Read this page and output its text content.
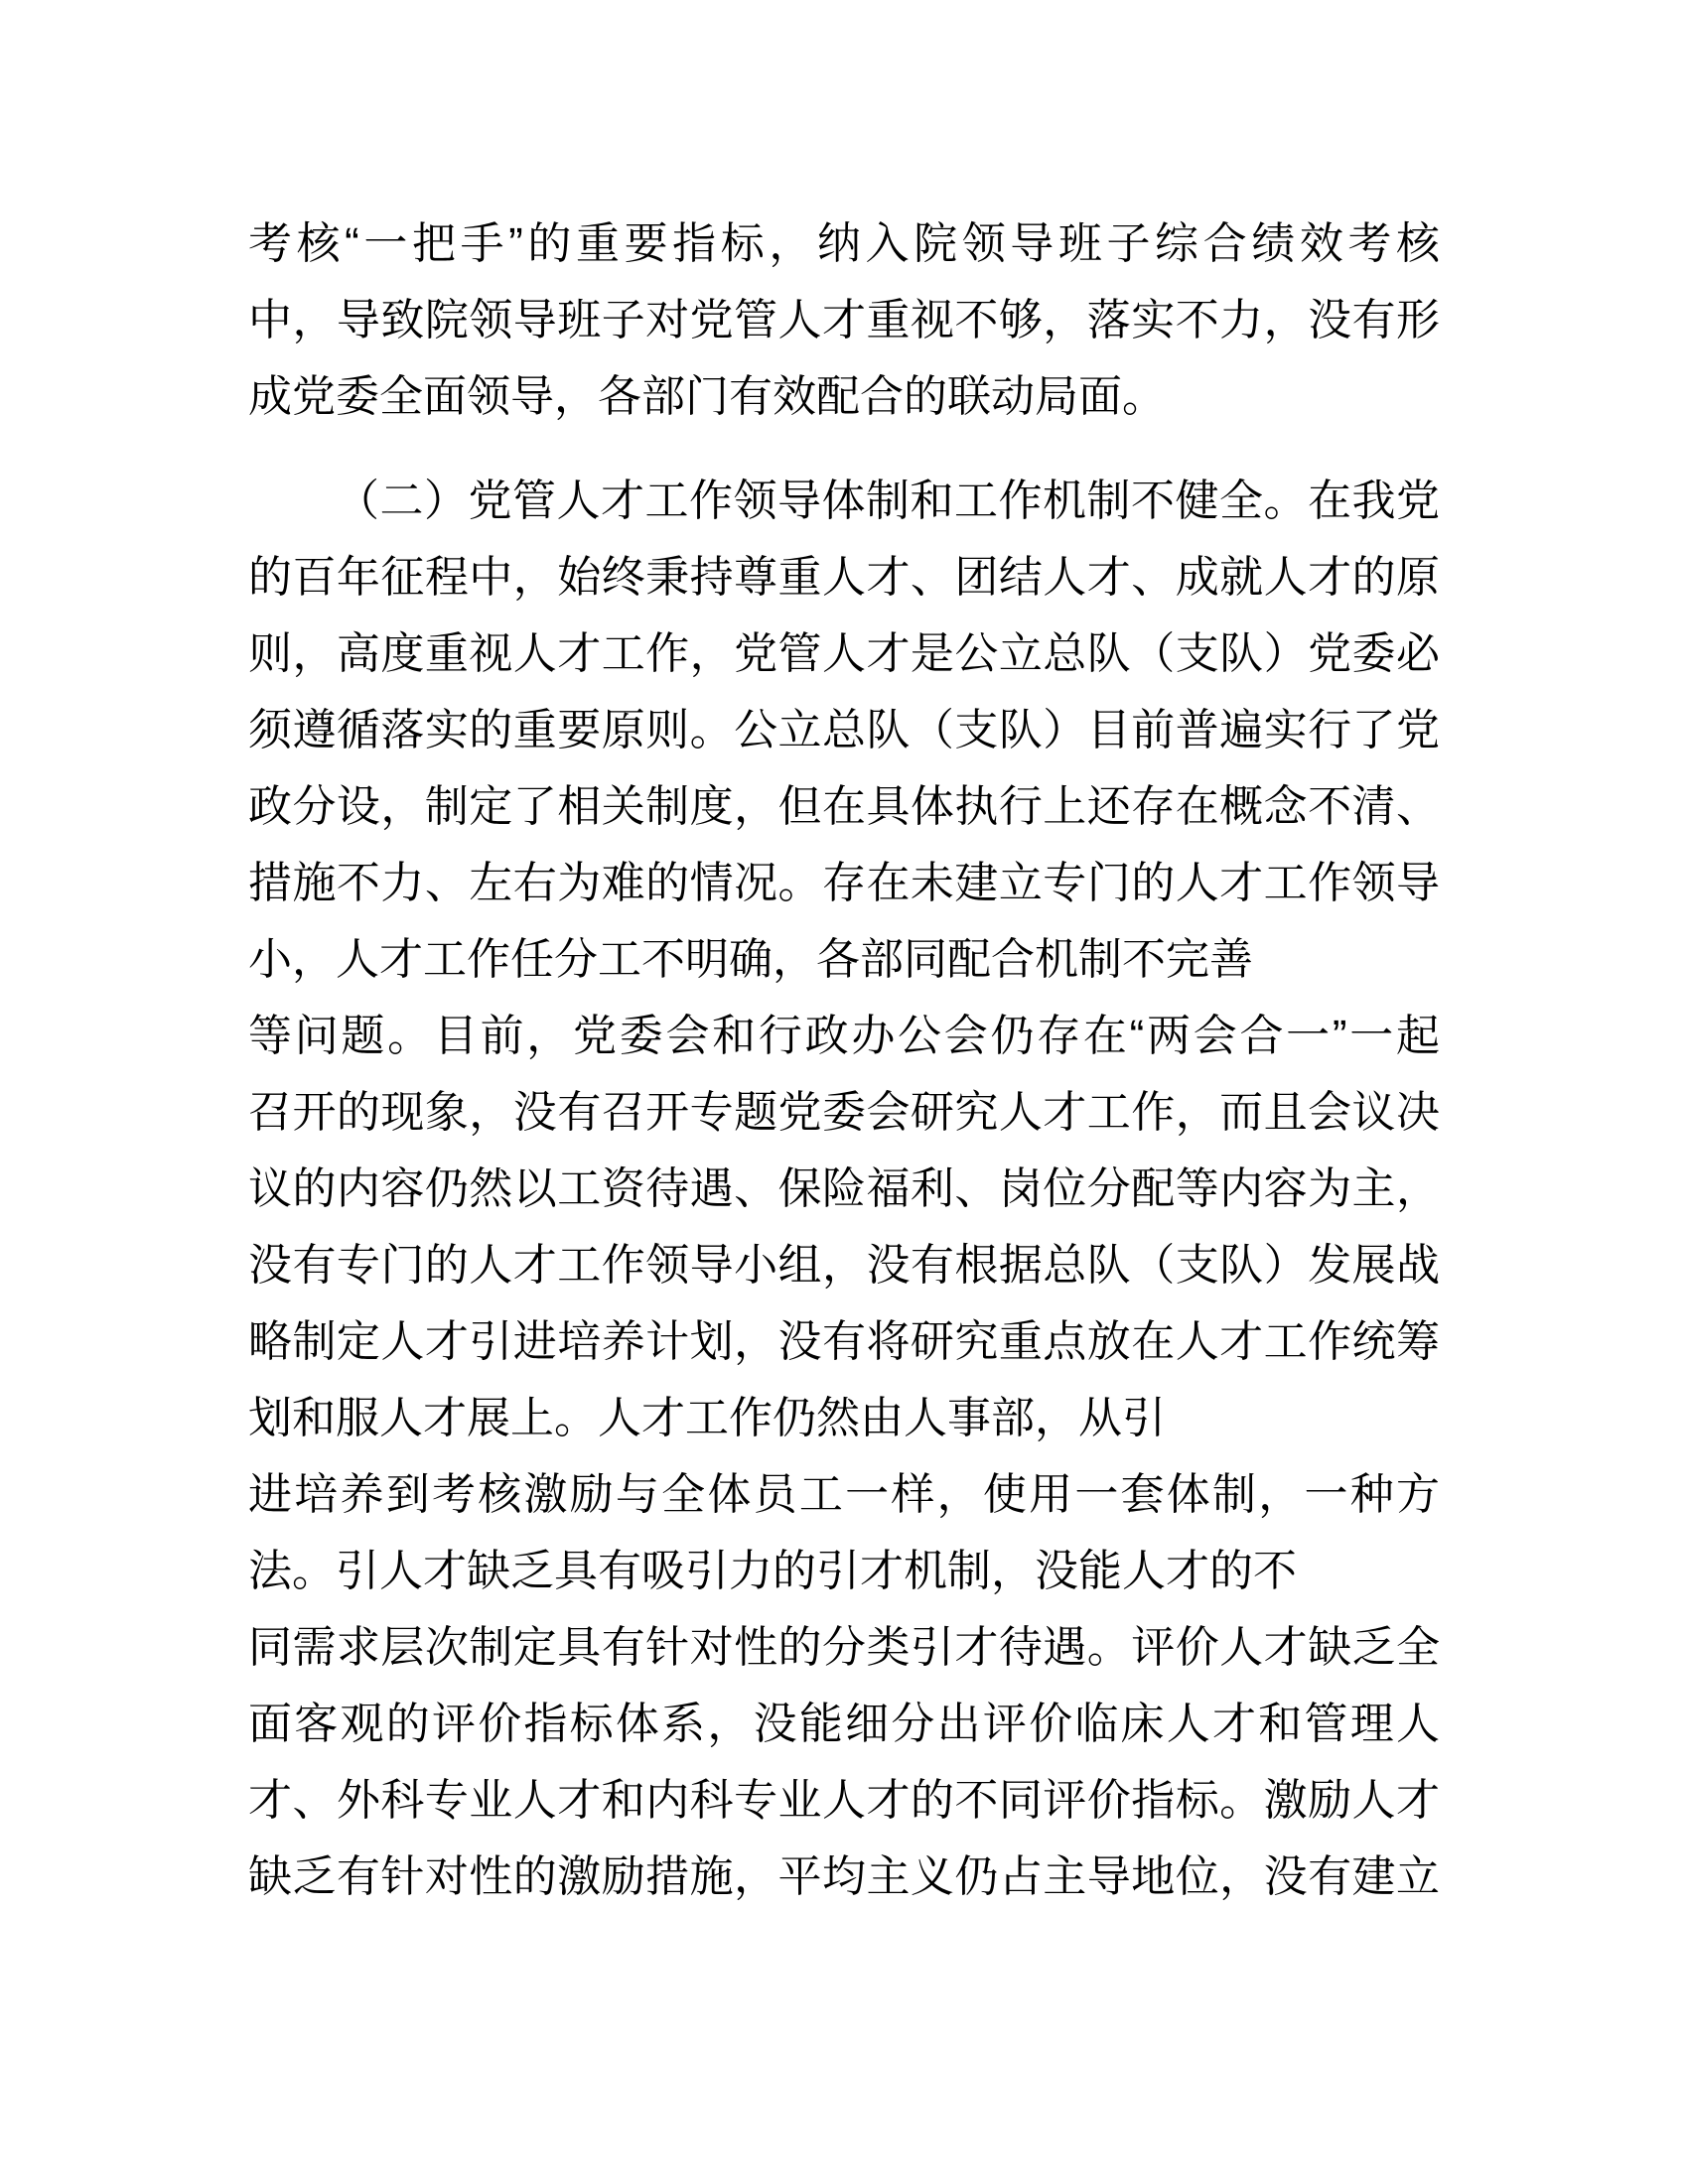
考核“一把手”的重要指标，纳入院领导班子综合绩效考核
中，导致院领导班子对党管人才重视不够，落实不力，没有形
成党委全面领导，各部门有效配合的联动局面。
（二）党管人才工作领导体制和工作机制不健全。在我党
的百年征程中，始终秉持尊重人才、团结人才、成就人才的原
则，高度重视人才工作，党管人才是公立总队（支队）党委必
须遵循落实的重要原则。公立总队（支队）目前普遍实行了党
政分设，制定了相关制度，但在具体执行上还存在概念不清、
措施不力、左右为难的情况。存在未建立专门的人才工作领导
小，人才工作任分工不明确，各部同配合机制不完善
等问题。目前，党委会和行政办公会仍存在“两会合一”一起
召开的现象，没有召开专题党委会研究人才工作，而且会议决
议的内容仍然以工资待遇、保险福利、岗位分配等内容为主，
没有专门的人才工作领导小组，没有根据总队（支队）发展战
略制定人才引进培养计划，没有将研究重点放在人才工作统筹
划和服人才展上。人才工作仍然由人事部，从引
进培养到考核激励与全体员工一样，使用一套体制，一种方
法。引人才缺乏具有吸引力的引才机制，没能人才的不
同需求层次制定具有针对性的分类引才待遇。评价人才缺乏全
面客观的评价指标体系，没能细分出评价临床人才和管理人
才、外科专业人才和内科专业人才的不同评价指标。激励人才
缺乏有针对性的激励措施，平均主义仍占主导地位，没有建立
